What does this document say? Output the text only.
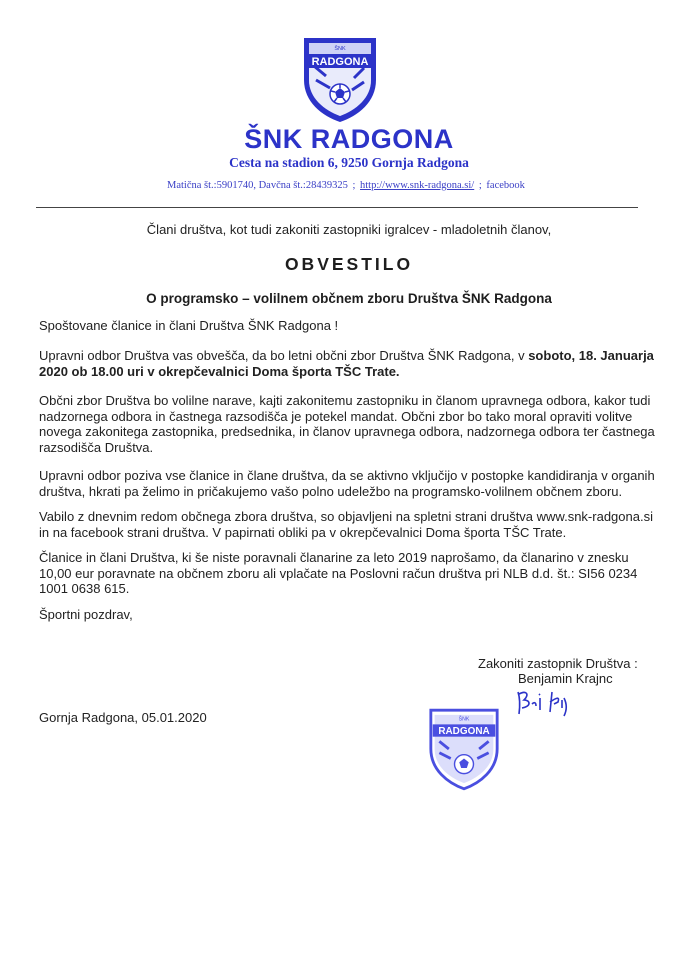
ŠNK
RADGONA
ŠNK RADGONA
Cesta na stadion 6, 9250 Gornja Radgona
Matična št.:5901740, Davčna št.:28439325 ; http://www.snk-radgona.si/ ; facebook
Člani društva, kot tudi zakoniti zastopniki igralcev - mladoletnih članov,
OBVESTILO
O programsko – volilnem občnem zboru Društva ŠNK Radgona
Spoštovane članice in člani Društva ŠNK Radgona !
Upravni odbor Društva vas obvešča, da bo letni občni zbor Društva ŠNK Radgona, v soboto, 18. Januarja 2020 ob 18.00 uri v okrepčevalnici Doma športa TŠC Trate.
Občni zbor Društva bo volilne narave, kajti zakonitemu zastopniku in članom upravnega odbora, kakor tudi nadzornega odbora in častnega razsodišča je potekel mandat. Občni zbor bo tako moral opraviti volitve novega zakonitega zastopnika, predsednika, in članov upravnega odbora, nadzornega odbora ter častnega razsodišča Društva.
Upravni odbor poziva vse članice in člane društva, da se aktivno vključijo v postopke kandidiranja v organih društva, hkrati pa želimo in pričakujemo vašo polno udeležbo na programsko-volilnem občnem zboru.
Vabilo z dnevnim redom občnega zbora društva, so objavljeni na spletni strani društva www.snk-radgona.si in na facebook strani društva. V papirnati obliki pa v okrepčevalnici Doma športa TŠC Trate.
Članice in člani Društva, ki še niste poravnali članarine za leto 2019 naprošamo, da članarino v znesku 10,00 eur poravnate na občnem zboru ali vplačate na Poslovni račun društva pri NLB d.d. št.: SI56 0234 1001 0638 615.
Športni pozdrav,
Zakoniti zastopnik Društva :
Benjamin Krajnc
Gornja Radgona, 05.01.2020	ŠNK
RADGONA
